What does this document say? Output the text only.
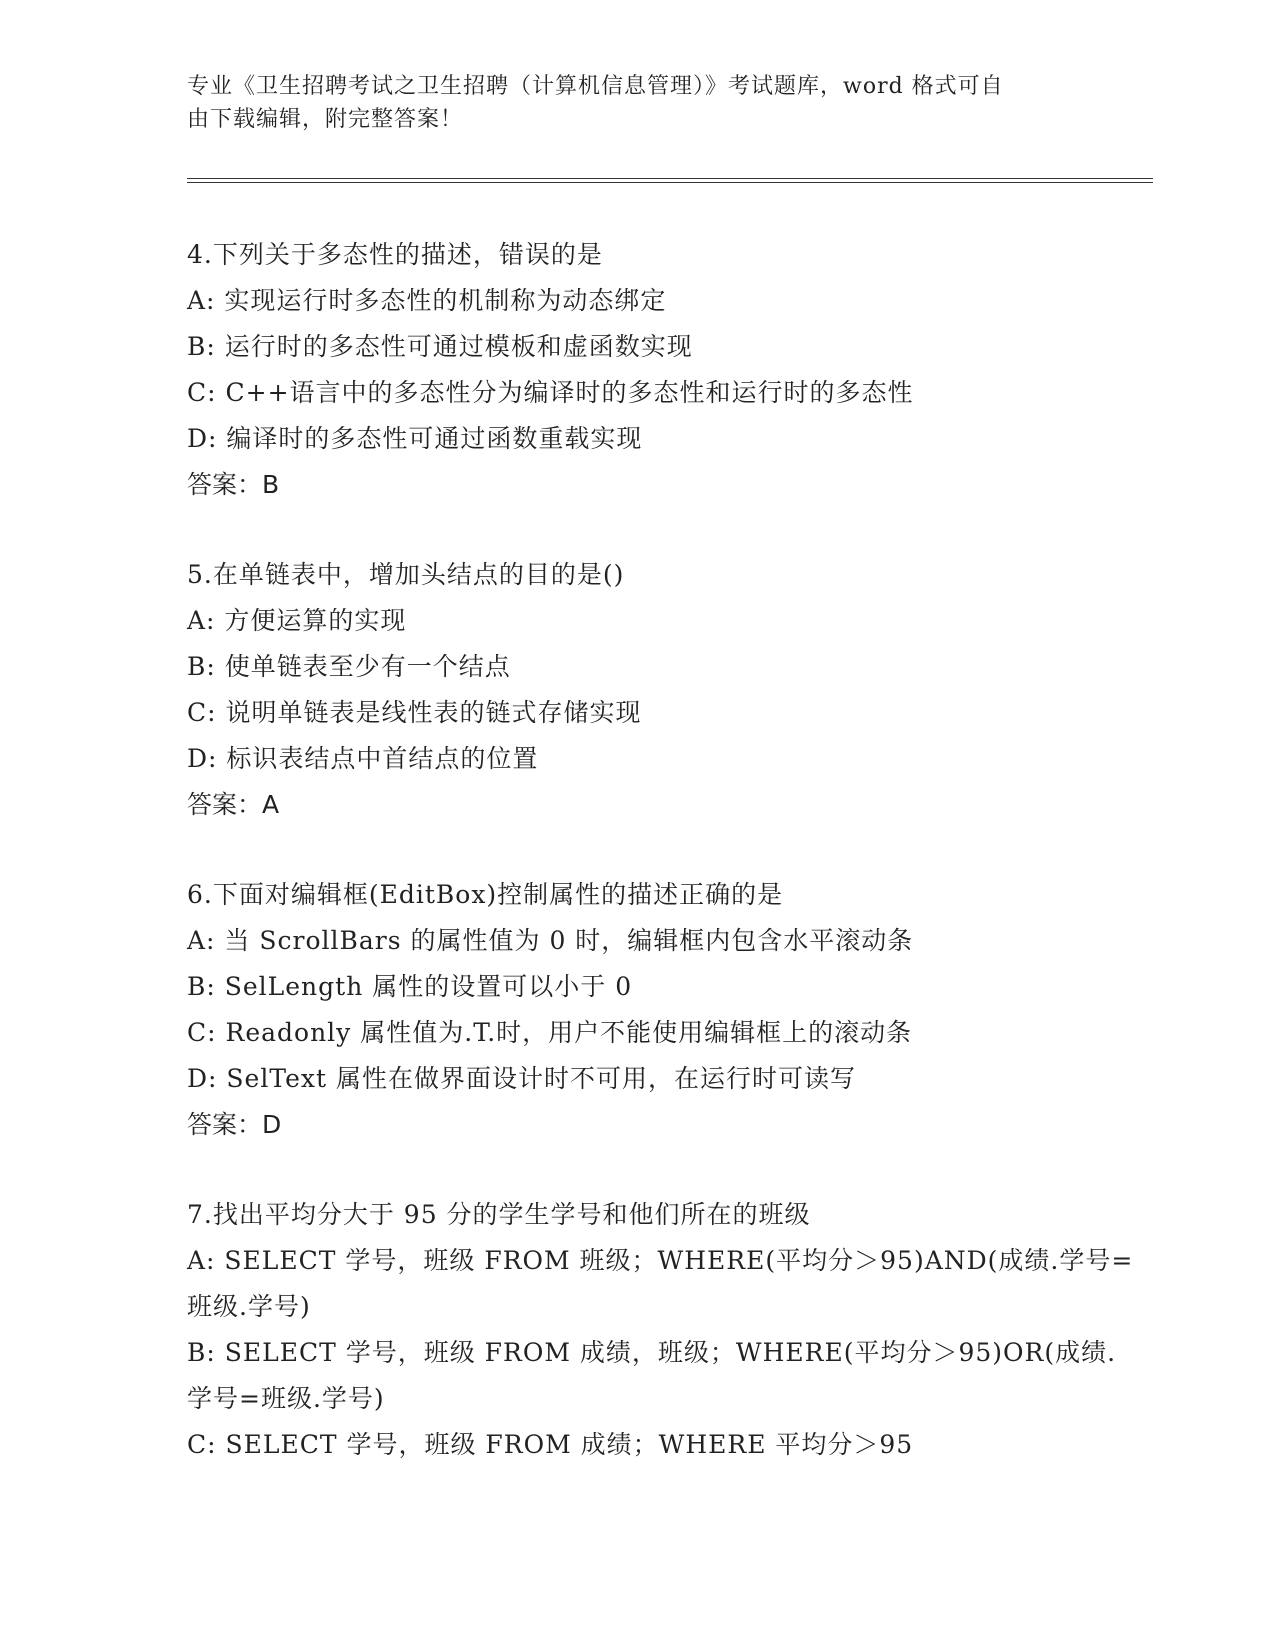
专业《卫生招聘考试之卫生招聘（计算机信息管理）》考试题库，word 格式可自
由下载编辑，附完整答案！
4.下列关于多态性的描述，错误的是
A: 实现运行时多态性的机制称为动态绑定
B: 运行时的多态性可通过模板和虚函数实现
C: C++语言中的多态性分为编译时的多态性和运行时的多态性
D: 编译时的多态性可通过函数重载实现
答案：B
5.在单链表中，增加头结点的目的是()
A: 方便运算的实现
B: 使单链表至少有一个结点
C: 说明单链表是线性表的链式存储实现
D: 标识表结点中首结点的位置
答案：A
6.下面对编辑框(EditBox)控制属性的描述正确的是
A: 当 ScrollBars 的属性值为 0 时，编辑框内包含水平滚动条
B: SelLength 属性的设置可以小于 0
C: Readonly 属性值为.T.时，用户不能使用编辑框上的滚动条
D: SelText 属性在做界面设计时不可用，在运行时可读写
答案：D
7.找出平均分大于 95 分的学生学号和他们所在的班级
A: SELECT 学号，班级 FROM 班级；WHERE(平均分＞95)AND(成绩.学号=
班级.学号)
B: SELECT 学号，班级 FROM 成绩，班级；WHERE(平均分＞95)OR(成绩.
学号=班级.学号)
C: SELECT 学号，班级 FROM 成绩；WHERE 平均分＞95
